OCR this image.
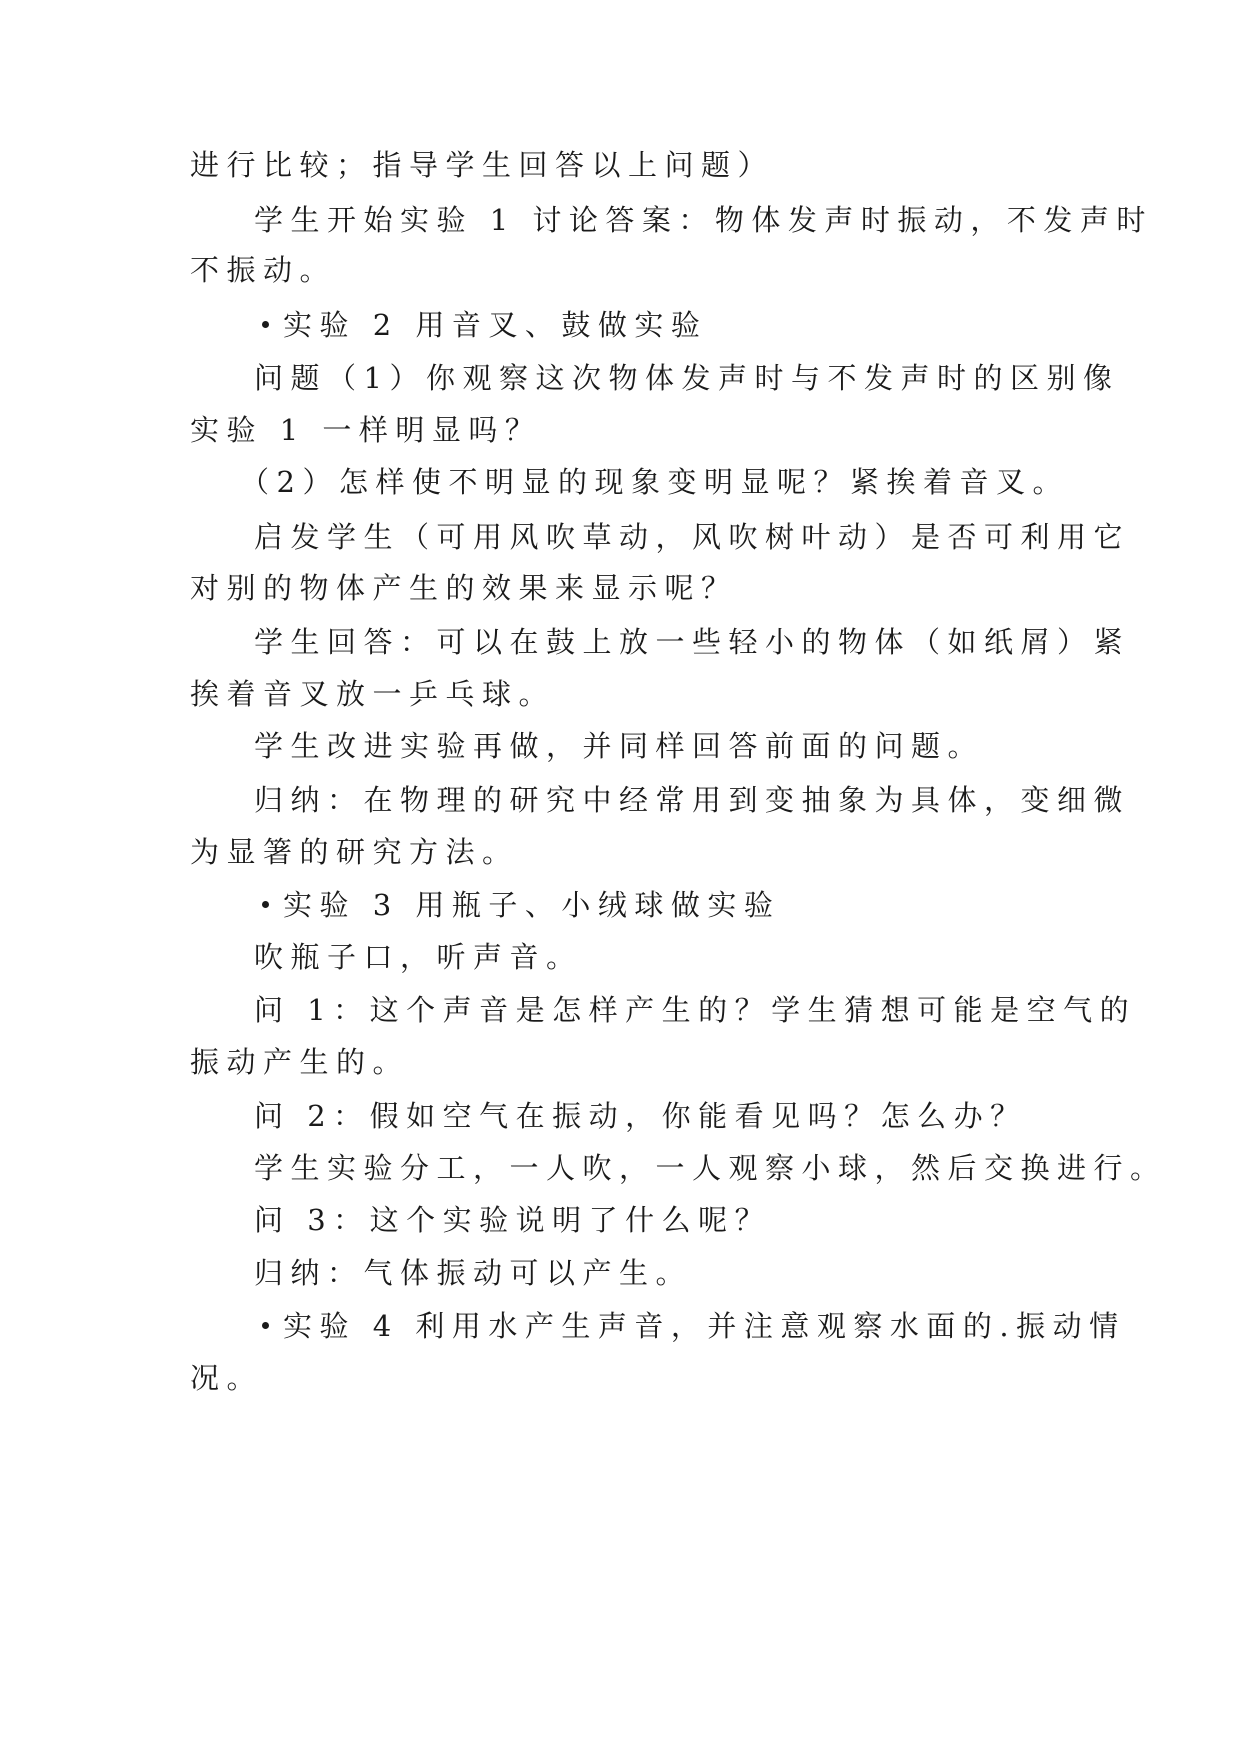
进行比较；指导学生回答以上问题）
学生开始实验 1 讨论答案：物体发声时振动，不发声时
不振动。
实验 2 用音叉、鼓做实验
问题（1）你观察这次物体发声时与不发声时的区别像
实验 1 一样明显吗？
（2）怎样使不明显的现象变明显呢？紧挨着音叉。
启发学生（可用风吹草动，风吹树叶动）是否可利用它
对别的物体产生的效果来显示呢？
学生回答：可以在鼓上放一些轻小的物体（如纸屑）紧
挨着音叉放一乒乓球。
学生改进实验再做，并同样回答前面的问题。
归纳：在物理的研究中经常用到变抽象为具体，变细微
为显箸的研究方法。
实验 3 用瓶子、小绒球做实验
吹瓶子口，听声音。
问 1：这个声音是怎样产生的？学生猜想可能是空气的
振动产生的。
问 2：假如空气在振动，你能看见吗？怎么办？
学生实验分工，一人吹，一人观察小球，然后交换进行。
问 3：这个实验说明了什么呢？
归纳：气体振动可以产生。
实验 4 利用水产生声音，并注意观察水面的.振动情
况。
